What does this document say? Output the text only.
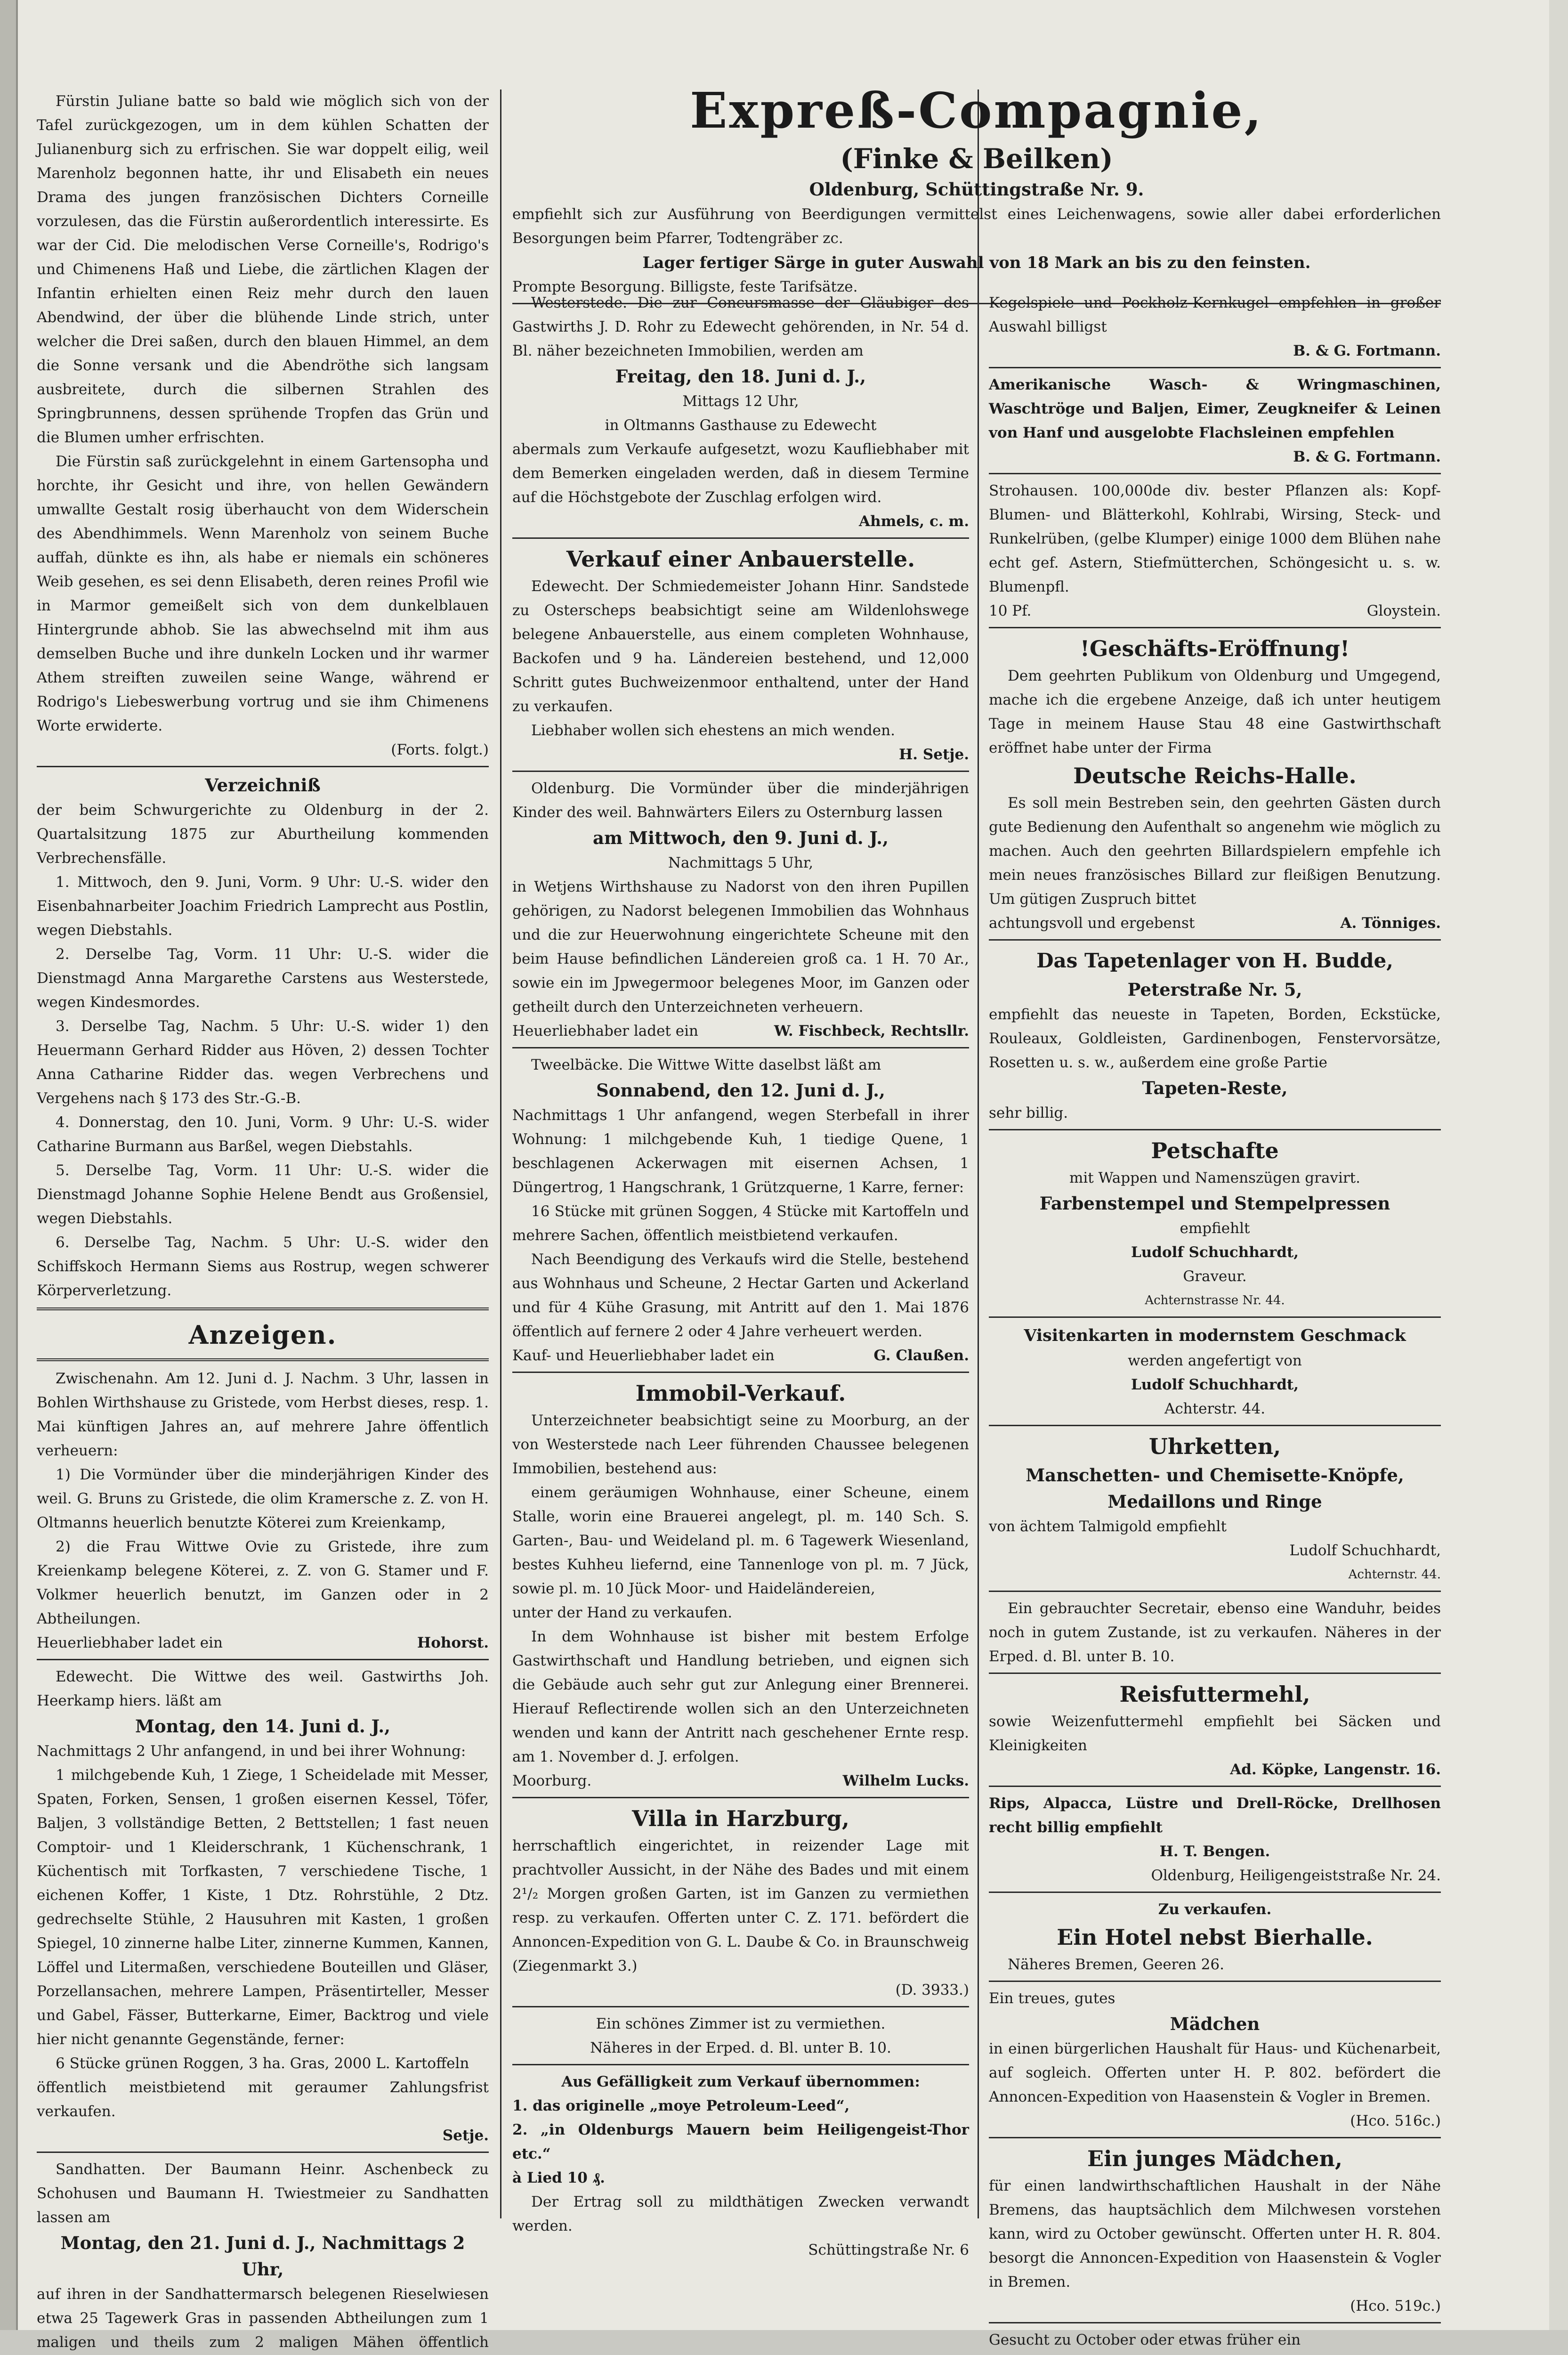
Fürstin Juliane batte so bald wie möglich sich von der Tafel zurückgezogen, um in dem kühlen Schatten der Julianenburg sich zu erfrischen. Sie war doppelt eilig, weil Marenholz begonnen hatte, ihr und Elisabeth ein neues Drama des jungen französischen Dichters Corneille vorzulesen, das die Fürstin außerordentlich interessirte. Es war der Cid. Die melodischen Verse Corneille's, Rodrigo's und Chimenens Haß und Liebe, die zärtlichen Klagen der Infantin erhielten einen Reiz mehr durch den lauen Abendwind, der über die blühende Linde strich, unter welcher die Drei saßen, durch den blauen Himmel, an dem die Sonne versank und die Abendröthe sich langsam ausbreitete, durch die silbernen Strahlen des Springbrunnens, dessen sprühende Tropfen das Grün und die Blumen umher erfrischten.

Die Fürstin saß zurückgelehnt in einem Gartensopha und horchte, ihr Gesicht und ihre, von hellen Gewändern umwallte Gestalt rosig überhaucht von dem Widerschein des Abendhimmels. Wenn Marenholz von seinem Buche auffah, dünkte es ihn, als habe er niemals ein schöneres Weib gesehen, es sei denn Elisabeth, deren reines Profil wie in Marmor gemeißelt sich von dem dunkelblauen Hintergrunde abhob. Sie las abwechselnd mit ihm aus demselben Buche und ihre dunkeln Locken und ihr warmer Athem streiften zuweilen seine Wange, während er Rodrigo's Liebeswerbung vortrug und sie ihm Chimenens Worte erwiderte.

(Forts. folgt.)

Verzeichniß

der beim Schwurgerichte zu Oldenburg in der 2. Quartalsitzung 1875 zur Aburtheilung kommenden Verbrechensfälle.

1. Mittwoch, den 9. Juni, Vorm. 9 Uhr: U.-S. wider den Eisenbahnarbeiter Joachim Friedrich Lamprecht aus Postlin, wegen Diebstahls.

2. Derselbe Tag, Vorm. 11 Uhr: U.-S. wider die Dienstmagd Anna Margarethe Carstens aus Westerstede, wegen Kindesmordes.

3. Derselbe Tag, Nachm. 5 Uhr: U.-S. wider 1) den Heuermann Gerhard Ridder aus Höven, 2) dessen Tochter Anna Catharine Ridder das. wegen Verbrechens und Vergehens nach § 173 des Str.-G.-B.

4. Donnerstag, den 10. Juni, Vorm. 9 Uhr: U.-S. wider Catharine Burmann aus Barßel, wegen Diebstahls.

5. Derselbe Tag, Vorm. 11 Uhr: U.-S. wider die Dienstmagd Johanne Sophie Helene Bendt aus Großensiel, wegen Diebstahls.

6. Derselbe Tag, Nachm. 5 Uhr: U.-S. wider den Schiffskoch Hermann Siems aus Rostrup, wegen schwerer Körperverletzung.

Anzeigen.

Zwischenahn. Am 12. Juni d. J. Nachm. 3 Uhr, lassen in Bohlen Wirthshause zu Gristede, vom Herbst dieses, resp. 1. Mai künftigen Jahres an, auf mehrere Jahre öffentlich verheuern:

1) Die Vormünder über die minderjährigen Kinder des weil. G. Bruns zu Gristede, die olim Kramersche z. Z. von H. Oltmanns heuerlich benutzte Köterei zum Kreienkamp,

2) die Frau Wittwe Ovie zu Gristede, ihre zum Kreienkamp belegene Köterei, z. Z. von G. Stamer und F. Volkmer heuerlich benutzt, im Ganzen oder in 2 Abtheilungen.

Heuerliebhaber ladet ein	Hohorst.

Edewecht. Die Wittwe des weil. Gastwirths Joh. Heerkamp hiers. läßt am

Montag, den 14. Juni d. J.,

Nachmittags 2 Uhr anfangend, in und bei ihrer Wohnung:

1 milchgebende Kuh, 1 Ziege, 1 Scheidelade mit Messer, Spaten, Forken, Sensen, 1 großen eisernen Kessel, Töfer, Baljen, 3 vollständige Betten, 2 Bettstellen; 1 fast neuen Comptoir- und 1 Kleiderschrank, 1 Küchenschrank, 1 Küchentisch mit Torfkasten, 7 verschiedene Tische, 1 eichenen Koffer, 1 Kiste, 1 Dtz. Rohrstühle, 2 Dtz. gedrechselte Stühle, 2 Hausuhren mit Kasten, 1 großen Spiegel, 10 zinnerne halbe Liter, zinnerne Kummen, Kannen, Löffel und Litermaßen, verschiedene Bouteillen und Gläser, Porzellansachen, mehrere Lampen, Präsentirteller, Messer und Gabel, Fässer, Butterkarne, Eimer, Backtrog und viele hier nicht genannte Gegenstände, ferner:

6 Stücke grünen Roggen, 3 ha. Gras, 2000 L. Kartoffeln

öffentlich meistbietend mit geraumer Zahlungsfrist verkaufen.

Setje.

Sandhatten. Der Baumann Heinr. Aschenbeck zu Schohusen und Baumann H. Twiestmeier zu Sandhatten lassen am

Montag, den 21. Juni d. J., Nachmittags 2 Uhr,

auf ihren in der Sandhattermarsch belegenen Rieselwiesen etwa 25 Tagewerk Gras in passenden Abtheilungen zum 1 maligen und theils zum 2 maligen Mähen öffentlich

Westerstede. Die zur Concursmasse der Gläubiger des Gastwirths J. D. Rohr zu Edewecht gehörenden, in Nr. 54 d. Bl. näher bezeichneten Immobilien, werden am

Freitag, den 18. Juni d. J.,

Mittags 12 Uhr,

in Oltmanns Gasthause zu Edewecht

abermals zum Verkaufe aufgesetzt, wozu Kaufliebhaber mit dem Bemerken eingeladen werden, daß in diesem Termine auf die Höchstgebote der Zuschlag erfolgen wird.

Ahmels, c. m.

Verkauf einer Anbauerstelle.

Edewecht. Der Schmiedemeister Johann Hinr. Sandstede zu Osterscheps beabsichtigt seine am Wildenlohswege belegene Anbauerstelle, aus einem completen Wohnhause, Backofen und 9 ha. Ländereien bestehend, und 12,000 Schritt gutes Buchweizenmoor enthaltend, unter der Hand zu verkaufen.

Liebhaber wollen sich ehestens an mich wenden.

H. Setje.

Oldenburg. Die Vormünder über die minderjährigen Kinder des weil. Bahnwärters Eilers zu Osternburg lassen

am Mittwoch, den 9. Juni d. J.,

Nachmittags 5 Uhr,

in Wetjens Wirthshause zu Nadorst von den ihren Pupillen gehörigen, zu Nadorst belegenen Immobilien das Wohnhaus und die zur Heuerwohnung eingerichtete Scheune mit den beim Hause befindlichen Ländereien groß ca. 1 H. 70 Ar., sowie ein im Jpwegermoor belegenes Moor, im Ganzen oder getheilt durch den Unterzeichneten verheuern.

Heuerliebhaber ladet ein	W. Fischbeck, Rechtsllr.

Tweelbäcke. Die Wittwe Witte daselbst läßt am

Sonnabend, den 12. Juni d. J.,

Nachmittags 1 Uhr anfangend, wegen Sterbefall in ihrer Wohnung: 1 milchgebende Kuh, 1 tiedige Quene, 1 beschlagenen Ackerwagen mit eisernen Achsen, 1 Düngertrog, 1 Hangschrank, 1 Grützquerne, 1 Karre, ferner:

16 Stücke mit grünen Soggen, 4 Stücke mit Kartoffeln und mehrere Sachen, öffentlich meistbietend verkaufen.

Nach Beendigung des Verkaufs wird die Stelle, bestehend aus Wohnhaus und Scheune, 2 Hectar Garten und Ackerland und für 4 Kühe Grasung, mit Antritt auf den 1. Mai 1876 öffentlich auf fernere 2 oder 4 Jahre verheuert werden.

Kauf- und Heuerliebhaber ladet ein	G. Claußen.

Immobil-Verkauf.

Unterzeichneter beabsichtigt seine zu Moorburg, an der von Westerstede nach Leer führenden Chaussee belegenen Immobilien, bestehend aus:

einem geräumigen Wohnhause, einer Scheune, einem Stalle, worin eine Brauerei angelegt, pl. m. 140 Sch. S. Garten-, Bau- und Weideland pl. m. 6 Tagewerk Wiesenland, bestes Kuhheu liefernd, eine Tannenloge von pl. m. 7 Jück, sowie pl. m. 10 Jück Moor- und Haideländereien,

unter der Hand zu verkaufen.

In dem Wohnhause ist bisher mit bestem Erfolge Gastwirthschaft und Handlung betrieben, und eignen sich die Gebäude auch sehr gut zur Anlegung einer Brennerei. Hierauf Reflectirende wollen sich an den Unterzeichneten wenden und kann der Antritt nach geschehener Ernte resp. am 1. November d. J. erfolgen.

Moorburg.	Wilhelm Lucks.

Villa in Harzburg,

herrschaftlich eingerichtet, in reizender Lage mit prachtvoller Aussicht, in der Nähe des Bades und mit einem 2¹/₂ Morgen großen Garten, ist im Ganzen zu vermiethen resp. zu verkaufen. Offerten unter C. Z. 171. befördert die Annoncen-Expedition von G. L. Daube & Co. in Braunschweig (Ziegenmarkt 3.)

(D. 3933.)

Ein schönes Zimmer ist zu vermiethen.

Näheres in der Erped. d. Bl. unter B. 10.

Aus Gefälligkeit zum Verkauf übernommen:

1. das originelle „moye Petroleum-Leed“,

2. „in Oldenburgs Mauern beim Heiligengeist-Thor etc.“

à Lied 10 ₰.

Der Ertrag soll zu mildthätigen Zwecken verwandt werden.

Schüttingstraße Nr. 6

Expreß-Compagnie,

(Finke & Beilken)

Oldenburg, Schüttingstraße Nr. 9.

empfiehlt sich zur Ausführung von Beerdigungen vermittelst eines Leichenwagens, sowie aller dabei erforderlichen Besorgungen beim Pfarrer, Todtengräber zc.

Lager fertiger Särge in guter Auswahl von 18 Mark an bis zu den feinsten.

Prompte Besorgung. Billigste, feste Tarifsätze.

Kegelspiele und Pockholz-Kernkugel empfehlen in großer Auswahl billigst

B. & G. Fortmann.

Amerikanische Wasch- & Wringmaschinen, Waschtröge und Baljen, Eimer, Zeugkneifer & Leinen von Hanf und ausgelobte Flachsleinen empfehlen

B. & G. Fortmann.

Strohausen. 100,000de div. bester Pflanzen als: Kopf- Blumen- und Blätterkohl, Kohlrabi, Wirsing, Steck- und Runkelrüben, (gelbe Klumper) einige 1000 dem Blühen nahe echt gef. Astern, Stiefmütterchen, Schöngesicht u. s. w. Blumenpfl.

10 Pf.	Gloystein.

!Geschäfts-Eröffnung!

Dem geehrten Publikum von Oldenburg und Umgegend, mache ich die ergebene Anzeige, daß ich unter heutigem Tage in meinem Hause Stau 48 eine Gastwirthschaft eröffnet habe unter der Firma

Deutsche Reichs-Halle.

Es soll mein Bestreben sein, den geehrten Gästen durch gute Bedienung den Aufenthalt so angenehm wie möglich zu machen. Auch den geehrten Billardspielern empfehle ich mein neues französisches Billard zur fleißigen Benutzung. Um gütigen Zuspruch bittet

achtungsvoll und ergebenst	A. Tönniges.

Das Tapetenlager von H. Budde,

Peterstraße Nr. 5,

empfiehlt das neueste in Tapeten, Borden, Eckstücke, Rouleaux, Goldleisten, Gardinenbogen, Fenstervorsätze, Rosetten u. s. w., außerdem eine große Partie

Tapeten-Reste,

sehr billig.

Petschafte

mit Wappen und Namenszügen gravirt.

Farbenstempel und Stempelpressen

empfiehlt

Ludolf Schuchhardt,

Graveur.

Achternstrasse Nr. 44.

Visitenkarten in modernstem Geschmack

werden angefertigt von

Ludolf Schuchhardt,

Achterstr. 44.

Uhrketten,

Manschetten- und Chemisette-Knöpfe,

Medaillons und Ringe

von ächtem Talmigold empfiehlt

Ludolf Schuchhardt,

Achternstr. 44.

Ein gebrauchter Secretair, ebenso eine Wanduhr, beides noch in gutem Zustande, ist zu verkaufen. Näheres in der Erped. d. Bl. unter B. 10.

Reisfuttermehl,

sowie Weizenfuttermehl empfiehlt bei Säcken und Kleinigkeiten

Ad. Köpke, Langenstr. 16.

Rips, Alpacca, Lüstre und Drell-Röcke, Drellhosen recht billig empfiehlt

H. T. Bengen.

Oldenburg, Heiligengeiststraße Nr. 24.

Zu verkaufen.

Ein Hotel nebst Bierhalle.

Näheres Bremen, Geeren 26.

Ein treues, gutes

Mädchen

in einen bürgerlichen Haushalt für Haus- und Küchenarbeit, auf sogleich. Offerten unter H. P. 802. befördert die Annoncen-Expedition von Haasenstein & Vogler in Bremen.

(Hco. 516c.)

Ein junges Mädchen,

für einen landwirthschaftlichen Haushalt in der Nähe Bremens, das hauptsächlich dem Milchwesen vorstehen kann, wird zu October gewünscht. Offerten unter H. R. 804. besorgt die Annoncen-Expedition von Haasenstein & Vogler in Bremen.

(Hco. 519c.)

Gesucht zu October oder etwas früher ein
